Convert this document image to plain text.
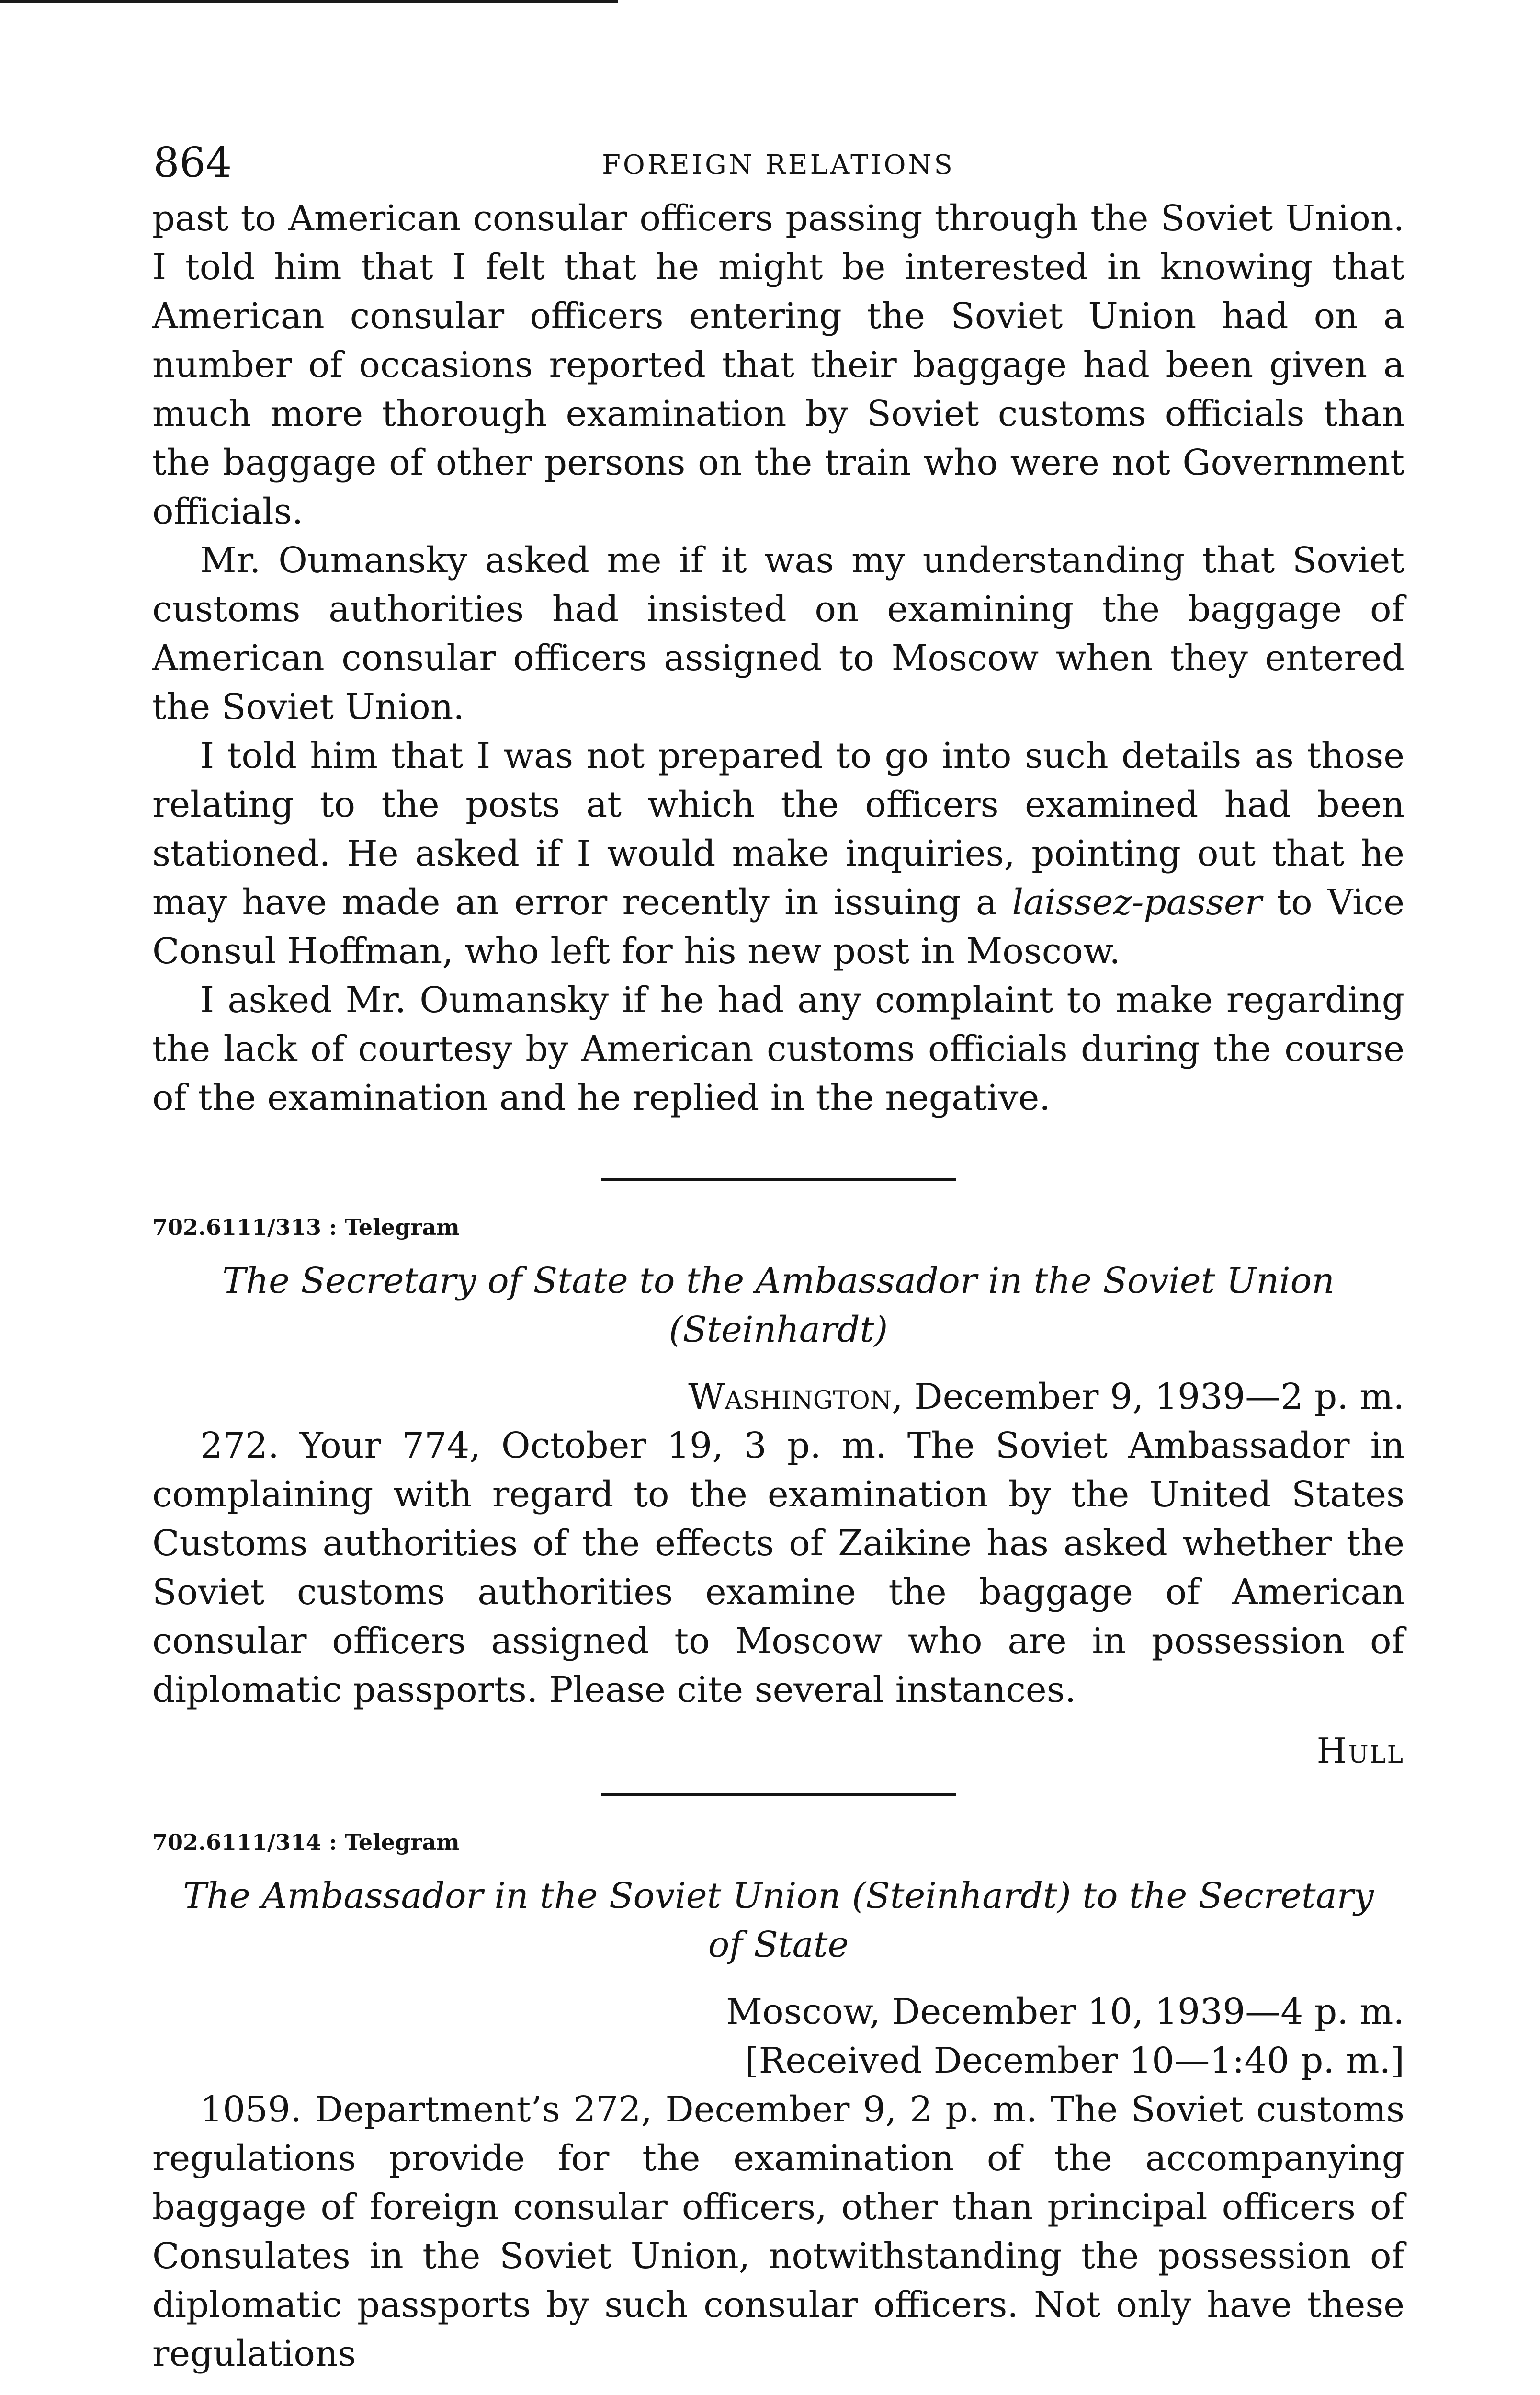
864	FOREIGN RELATIONS

past to American consular officers passing through the Soviet Union. I told him that I felt that he might be interested in knowing that American consular officers entering the Soviet Union had on a number of occasions reported that their baggage had been given a much more thorough examination by Soviet customs officials than the baggage of other persons on the train who were not Government officials.

Mr. Oumansky asked me if it was my understanding that Soviet customs authorities had insisted on examining the baggage of American consular officers assigned to Moscow when they entered the Soviet Union.

I told him that I was not prepared to go into such details as those relating to the posts at which the officers examined had been stationed. He asked if I would make inquiries, pointing out that he may have made an error recently in issuing a laissez-passer to Vice Consul Hoffman, who left for his new post in Moscow.

I asked Mr. Oumansky if he had any complaint to make regarding the lack of courtesy by American customs officials during the course of the examination and he replied in the negative.

702.6111/313 : Telegram
The Secretary of State to the Ambassador in the Soviet Union
(Steinhardt)
Washington, December 9, 1939—2 p. m.

272. Your 774, October 19, 3 p. m. The Soviet Ambassador in complaining with regard to the examination by the United States Customs authorities of the effects of Zaikine has asked whether the Soviet customs authorities examine the baggage of American consular officers assigned to Moscow who are in possession of diplomatic passports. Please cite several instances.

Hull
702.6111/314 : Telegram
The Ambassador in the Soviet Union (Steinhardt) to the Secretary
of State
Moscow, December 10, 1939—4 p. m.
[Received December 10—1:40 p. m.]

1059. Department’s 272, December 9, 2 p. m. The Soviet customs regulations provide for the examination of the accompanying baggage of foreign consular officers, other than principal officers of Consulates in the Soviet Union, notwithstanding the possession of diplomatic passports by such consular officers. Not only have these regulations
